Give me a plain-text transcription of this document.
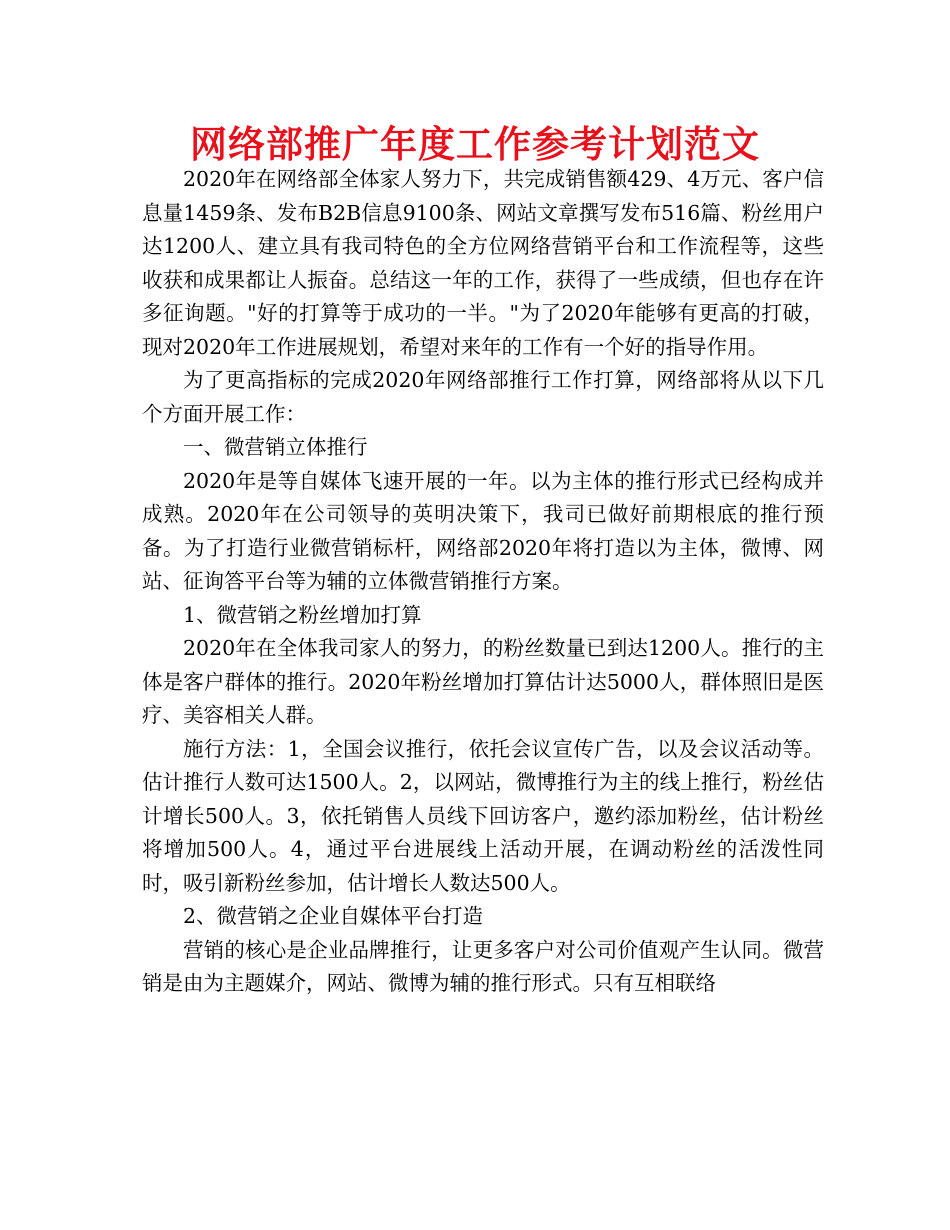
网络部推广年度工作参考计划范文

2020年在网络部全体家人努力下，共完成销售额429、4万元、客户信息量1459条、发布B2B信息9100条、网站文章撰写发布516篇、粉丝用户达1200人、建立具有我司特色的全方位网络营销平台和工作流程等，这些收获和成果都让人振奋。总结这一年的工作，获得了一些成绩，但也存在许多征询题。"好的打算等于成功的一半。"为了2020年能够有更高的打破，现对2020年工作进展规划，希望对来年的工作有一个好的指导作用。

为了更高指标的完成2020年网络部推行工作打算，网络部将从以下几个方面开展工作：

一、微营销立体推行

2020年是等自媒体飞速开展的一年。以为主体的推行形式已经构成并成熟。2020年在公司领导的英明决策下，我司已做好前期根底的推行预备。为了打造行业微营销标杆，网络部2020年将打造以为主体，微博、网站、征询答平台等为辅的立体微营销推行方案。

1、微营销之粉丝增加打算

2020年在全体我司家人的努力，的粉丝数量已到达1200人。推行的主体是客户群体的推行。2020年粉丝增加打算估计达5000人，群体照旧是医疗、美容相关人群。

施行方法：1，全国会议推行，依托会议宣传广告，以及会议活动等。估计推行人数可达1500人。2，以网站，微博推行为主的线上推行，粉丝估计增长500人。3，依托销售人员线下回访客户，邀约添加粉丝，估计粉丝将增加500人。4，通过平台进展线上活动开展，在调动粉丝的活泼性同时，吸引新粉丝参加，估计增长人数达500人。

2、微营销之企业自媒体平台打造

营销的核心是企业品牌推行，让更多客户对公司价值观产生认同。微营销是由为主题媒介，网站、微博为辅的推行形式。只有互相联络
